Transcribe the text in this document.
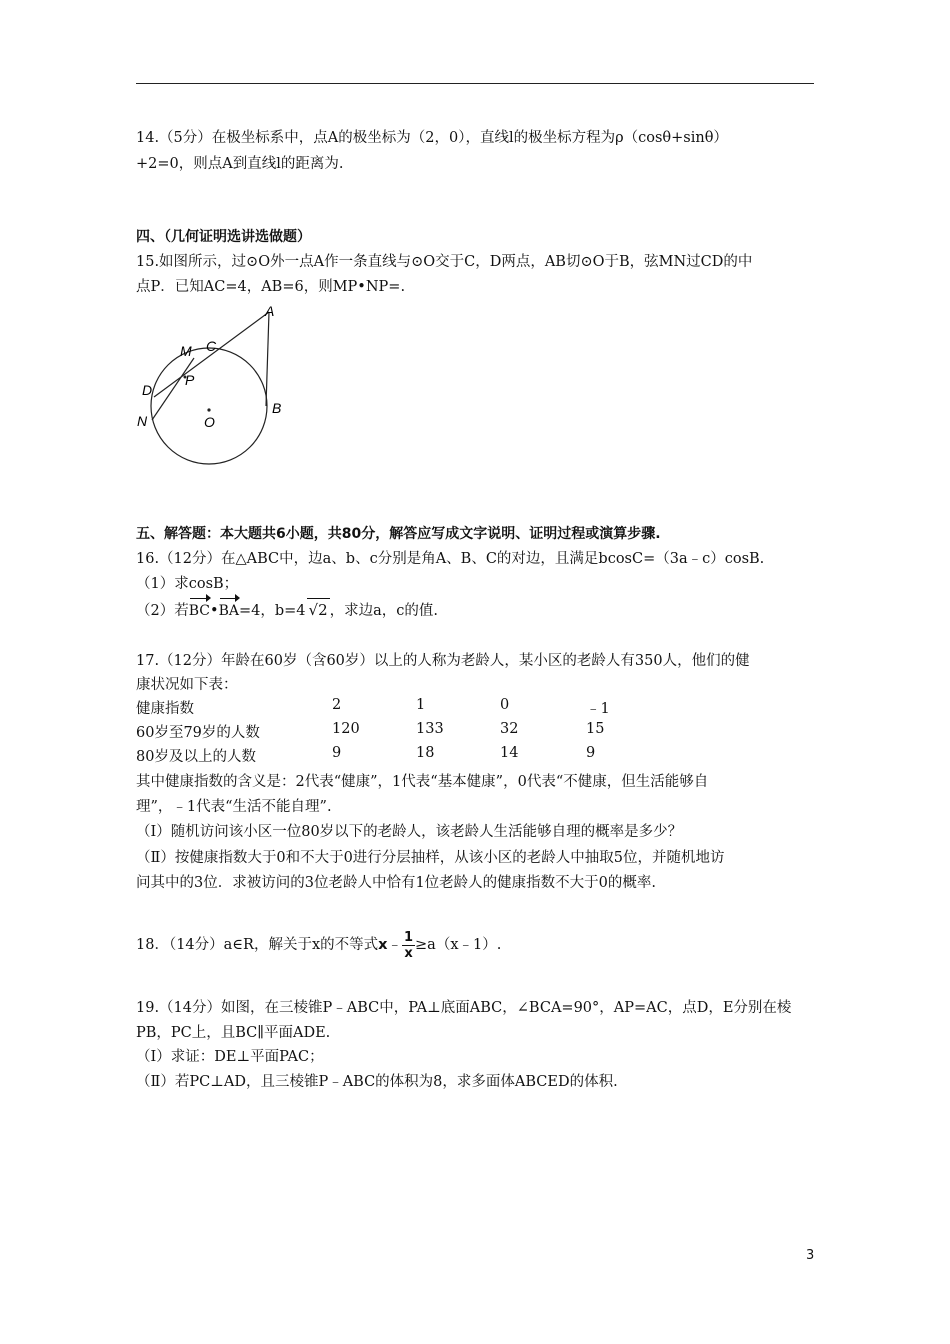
14.（5分）在极坐标系中，点A的极坐标为（2，0），直线l的极坐标方程为ρ（cosθ+sinθ）
+2=0，则点A到直线l的距离为.
四、（几何证明选讲选做题）
15.如图所示，过⊙O外一点A作一条直线与⊙O交于C，D两点，AB切⊙O于B，弦MN过CD的中
点P．已知AC=4，AB=6，则MP•NP=.
A
M C
P
D
N	O
B
五、解答题：本大题共6小题，共80分，解答应写成文字说明、证明过程或演算步骤.
16.（12分）在△ABC中，边a、b、c分别是角A、B、C的对边，且满足bcosC=（3a﹣c）cosB.
（1）求cosB；
（2）若BC•BA=4，b=4 √2 ，求边a，c的值.
17.（12分）年龄在60岁（含60岁）以上的人称为老龄人，某小区的老龄人有350人，他们的健
康状况如下表：
健康指数	2	1	0	﹣1
60岁至79岁的人数	120	133	32	15
80岁及以上的人数	9	18	14	9
其中健康指数的含义是：2代表“健康”，1代表“基本健康”，0代表“不健康，但生活能够自
理”，﹣1代表“生活不能自理”.
（Ⅰ）随机访问该小区一位80岁以下的老龄人，该老龄人生活能够自理的概率是多少？
（Ⅱ）按健康指数大于0和不大于0进行分层抽样，从该小区的老龄人中抽取5位，并随机地访
问其中的3位．求被访问的3位老龄人中恰有1位老龄人的健康指数不大于0的概率.
18．（14分）a∈R，解关于x的不等式x﹣ $\frac{1}{x}$ ≥a（x﹣1）.
19.（14分）如图，在三棱锥P﹣ABC中，PA⊥底面ABC，∠BCA=90°，AP=AC，点D，E分别在棱
PB，PC上，且BC∥平面ADE.
（Ⅰ）求证：DE⊥平面PAC；
（Ⅱ）若PC⊥AD，且三棱锥P﹣ABC的体积为8，求多面体ABCED的体积.
3
